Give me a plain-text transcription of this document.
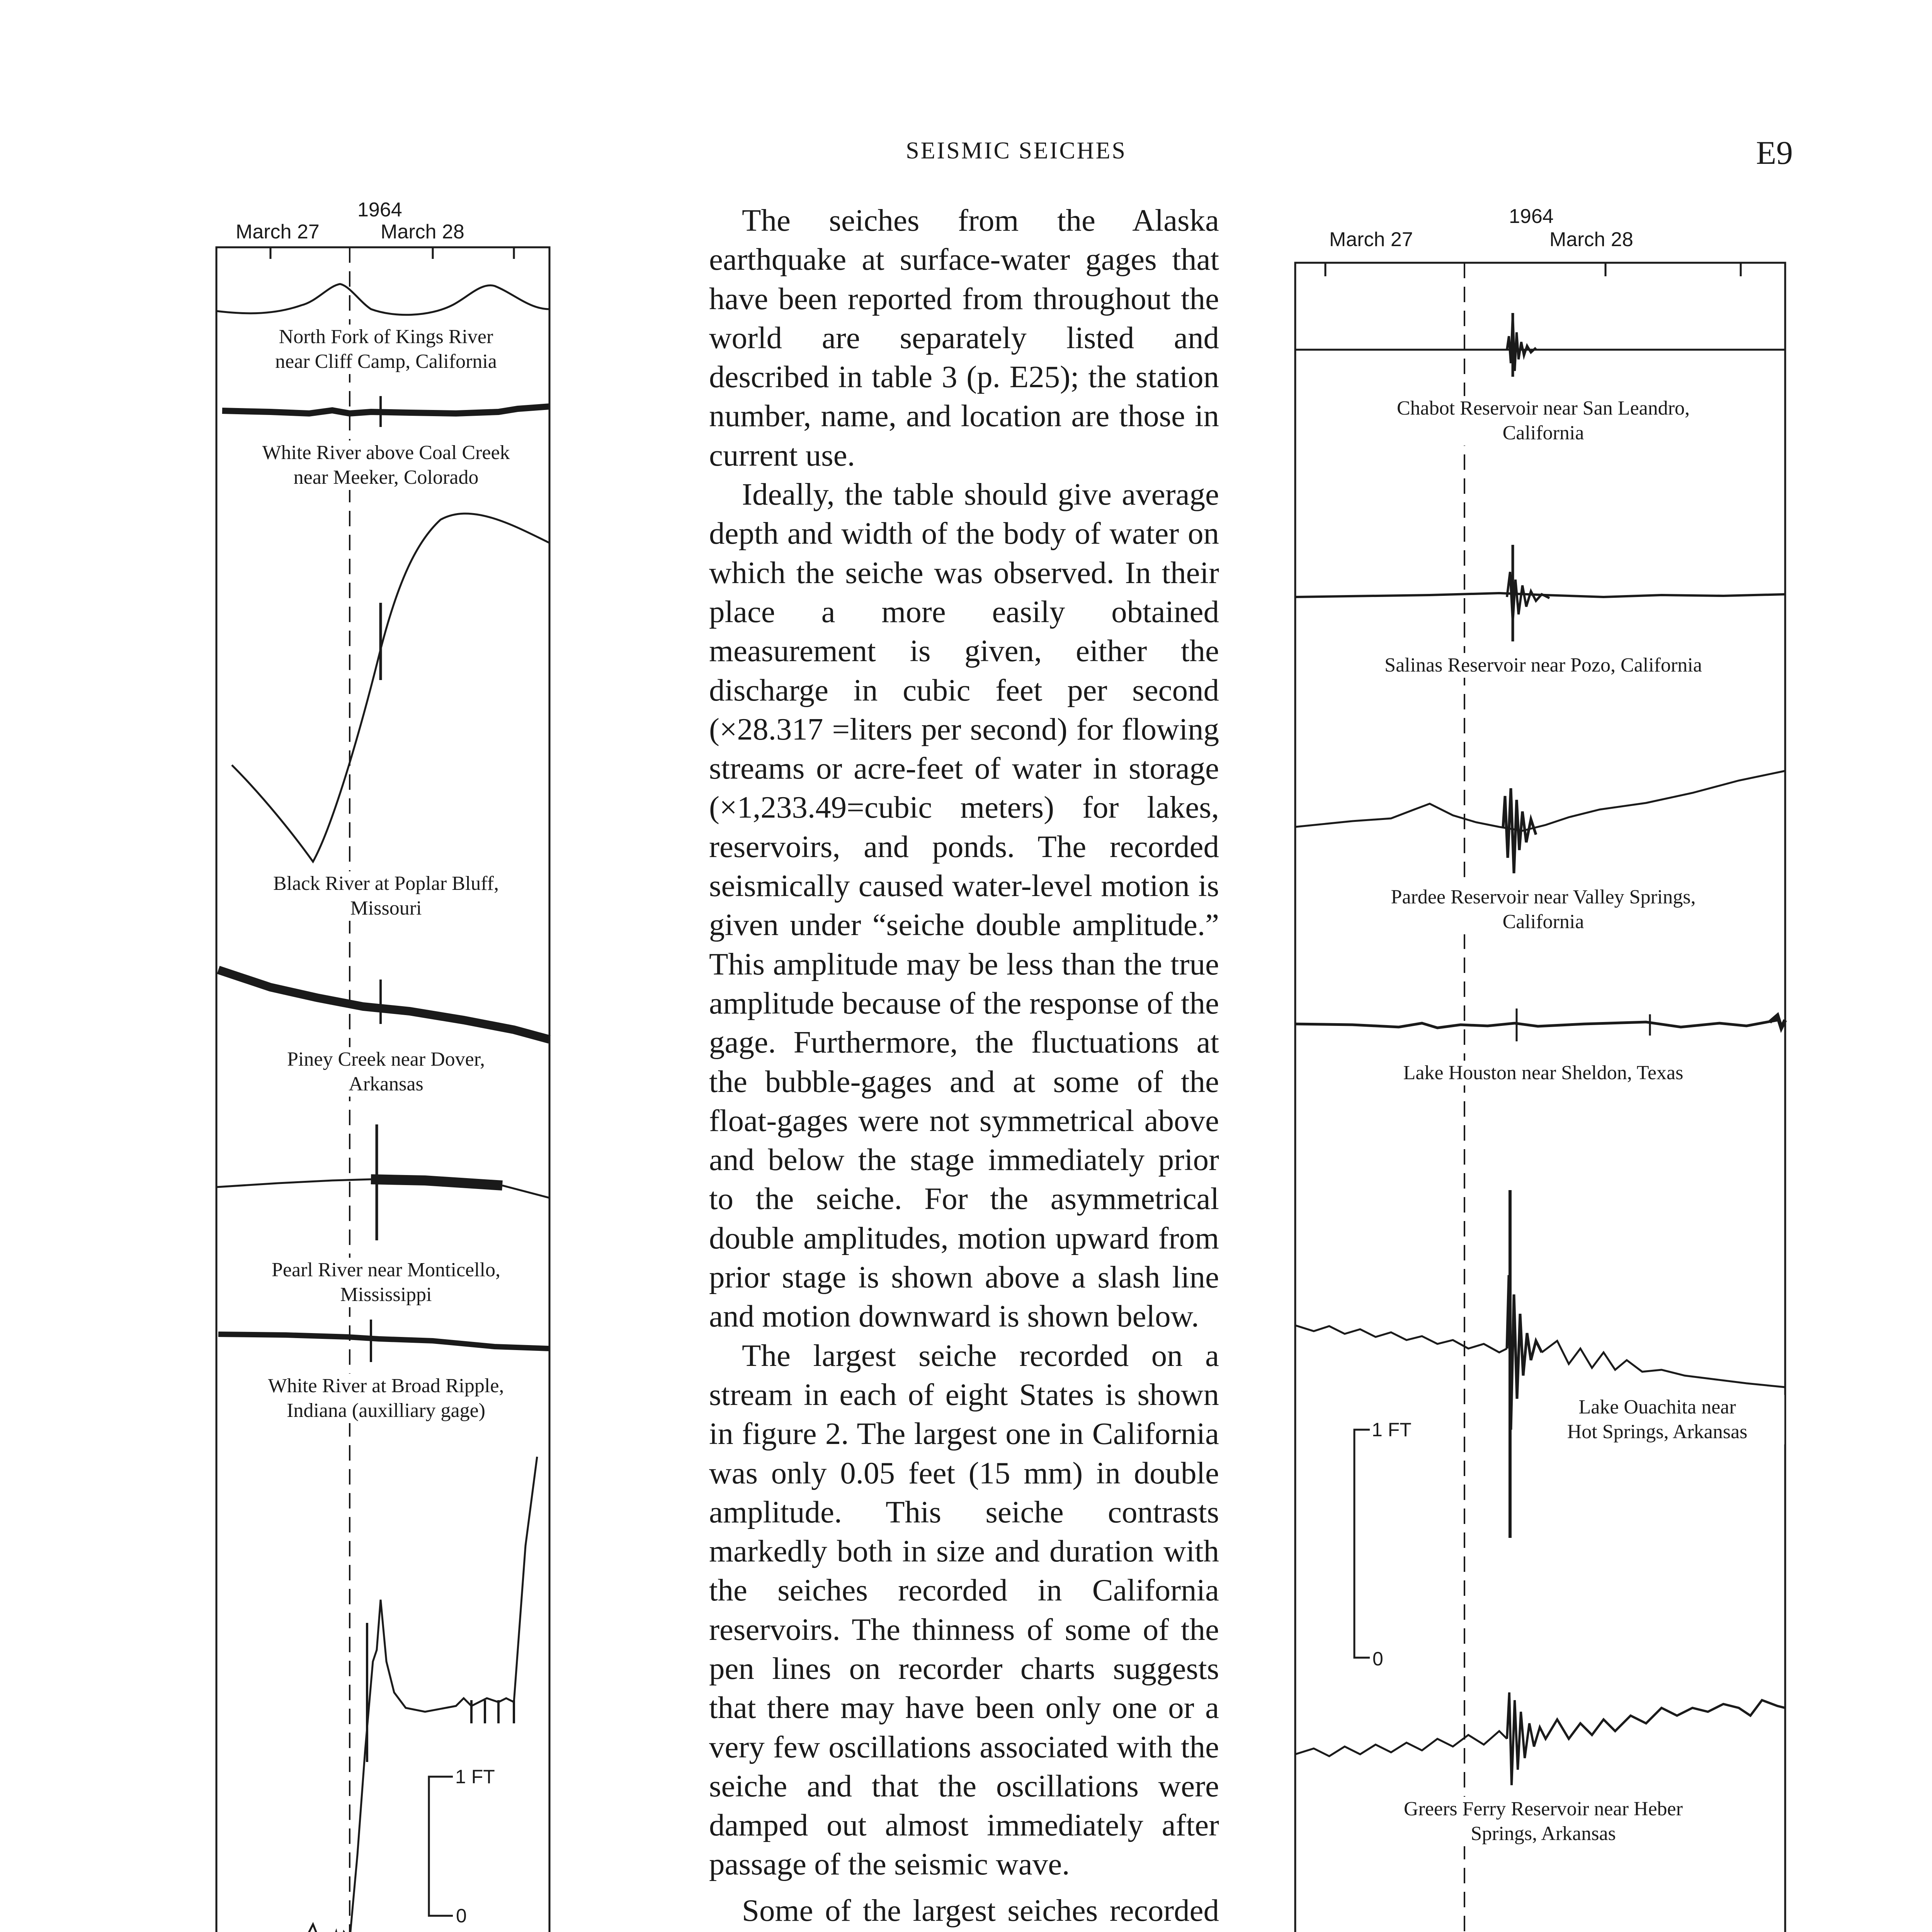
SEISMIC SEICHES	E9
1964
March 27	March 28
1 FT
0
North Fork of Kings River
near Cliff Camp, California
White River above Coal Creek
near Meeker, Colorado
Black River at Poplar Bluff,
Missouri
Piney Creek near Dover,
Arkansas
Pearl River near Monticello,
Mississippi
White River at Broad Ripple,
Indiana (auxilliary gage)

The seiches from the Alaska earthquake at surface-water gages that have been reported from throughout the world are separately listed and described in table 3 (p. E25); the station number, name, and location are those in current use.

Ideally, the table should give average depth and width of the body of water on which the seiche was observed. In their place a more easily obtained measurement is given, either the discharge in cubic feet per second (×28.317 =liters per second) for flowing streams or acre-feet of water in storage (×1,233.49=cubic meters) for lakes, reservoirs, and ponds. The recorded seismically caused water-level motion is given under “seiche double amplitude.” This amplitude may be less than the true amplitude because of the response of the gage. Furthermore, the fluctuations at the bubble-gages and at some of the float-gages were not symmetrical above and below the stage immediately prior to the seiche. For the asymmetrical double amplitudes, motion upward from prior stage is shown above a slash line and motion downward is shown below.

The largest seiche recorded on a stream in each of eight States is shown in figure 2. The largest one in California was only 0.05 feet (15 mm) in double amplitude. This seiche contrasts markedly both in size and duration with the seiches recorded in California reservoirs. The thinness of some of the pen lines on recorder charts suggests that there may have been only one or a very few oscillations associated with the seiche and that the oscillations were damped out almost immediately after passage of the seismic wave.

Some of the largest seiches recorded

1964
March 27	March 28
1 FT
0
Chabot Reservoir near San Leandro,
California
Salinas Reservoir near Pozo, California
Pardee Reservoir near Valley Springs,
California
Lake Houston near Sheldon, Texas
Lake Ouachita near
Hot Springs, Arkansas
Greers Ferry Reservoir near Heber
Springs, Arkansas
